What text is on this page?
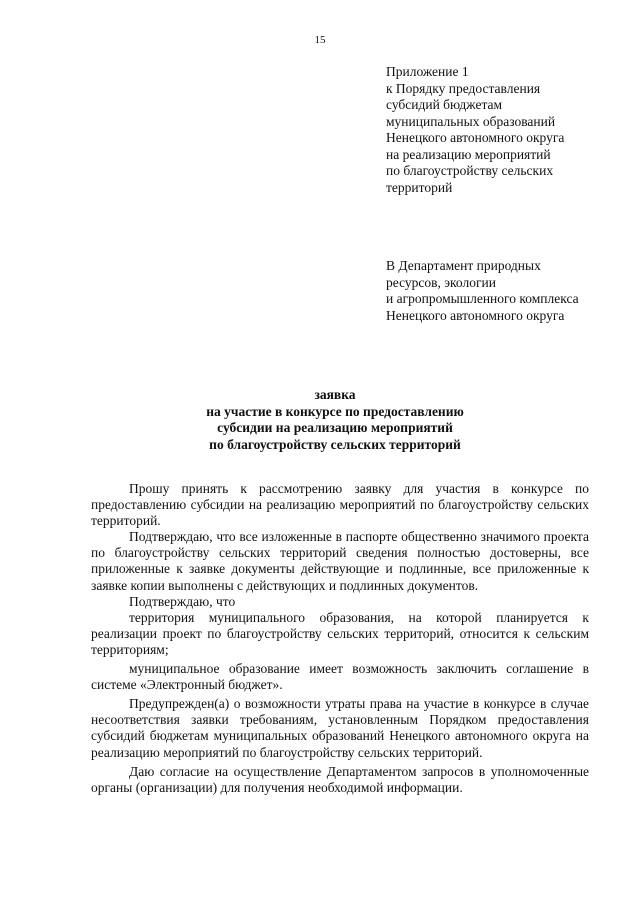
15
Приложение 1
к Порядку предоставления
субсидий бюджетам
муниципальных образований
Ненецкого автономного округа
на реализацию мероприятий
по благоустройству сельских
территорий
В Департамент природных
ресурсов, экологии
и агропромышленного комплекса
Ненецкого автономного округа
заявка
на участие в конкурсе по предоставлению
субсидии на реализацию мероприятий
по благоустройству сельских территорий

Прошу принять к рассмотрению заявку для участия в конкурсе по предоставлению субсидии на реализацию мероприятий по благоустройству сельских территорий.

Подтверждаю, что все изложенные в паспорте общественно значимого проекта по благоустройству сельских территорий сведения полностью достоверны, все приложенные к заявке документы действующие и подлинные, все приложенные к заявке копии выполнены с действующих и подлинных документов.

Подтверждаю, что

территория муниципального образования, на которой планируется к реализации проект по благоустройству сельских территорий, относится к сельским территориям;

муниципальное образование имеет возможность заключить соглашение в системе «Электронный бюджет».

Предупрежден(а) о возможности утраты права на участие в конкурсе в случае несоответствия заявки требованиям, установленным Порядком предоставления субсидий бюджетам муниципальных образований Ненецкого автономного округа на реализацию мероприятий по благоустройству сельских территорий.

Даю согласие на осуществление Департаментом запросов в уполномоченные органы (организации) для получения необходимой информации.
